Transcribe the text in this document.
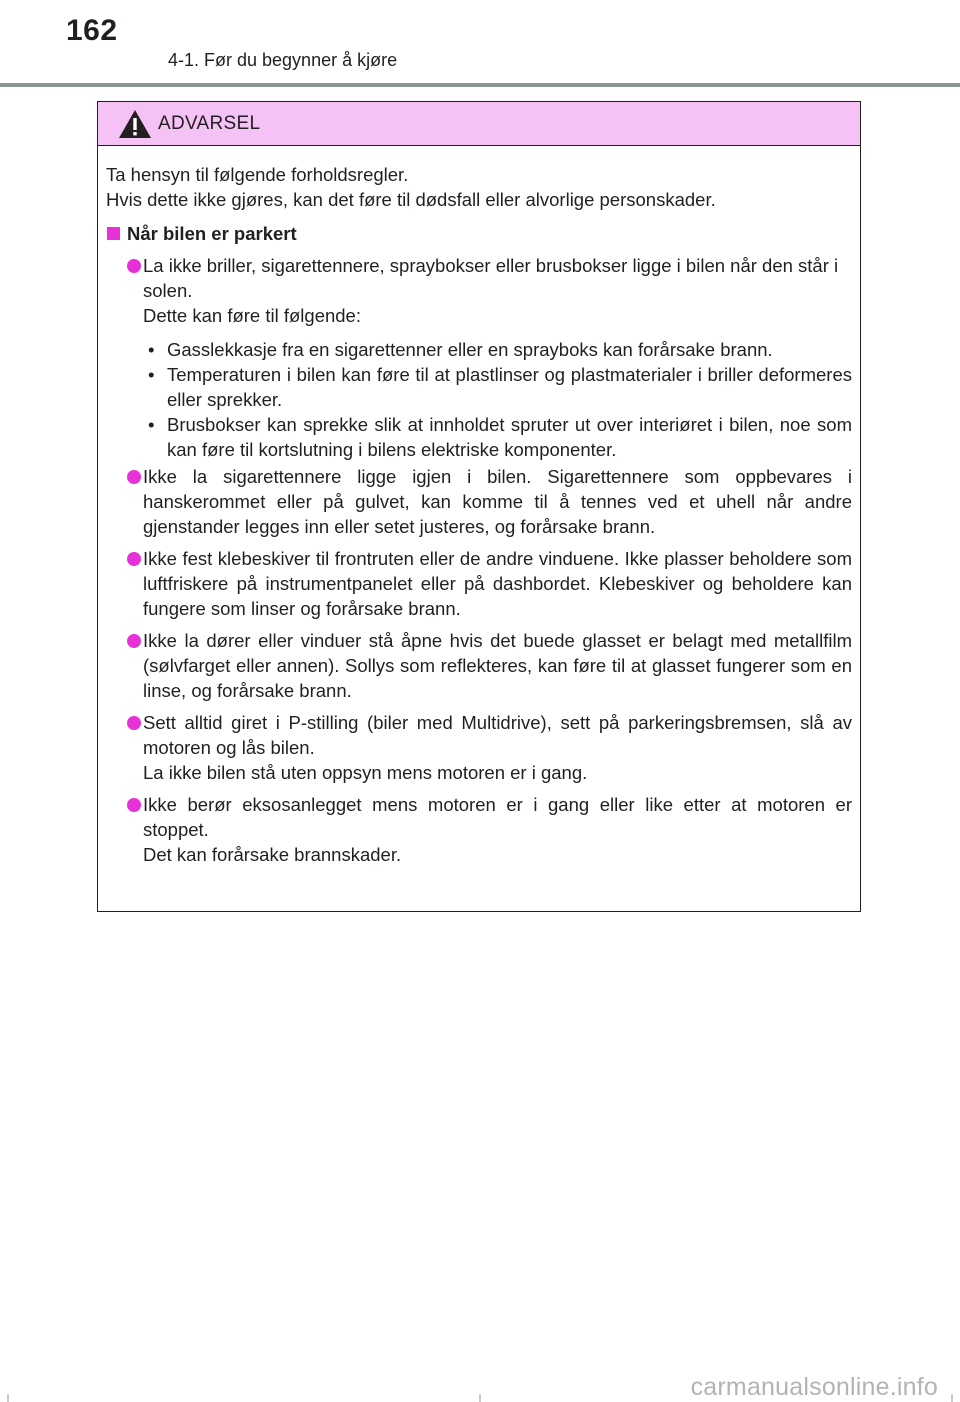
162
4-1. Før du begynner å kjøre
ADVARSEL

Ta hensyn til følgende forholdsregler.

Hvis dette ikke gjøres, kan det føre til dødsfall eller alvorlige personskader.

Når bilen er parkert

La ikke briller, sigarettennere, spraybokser eller brusbokser ligge i bilen når den står i solen.

Dette kan føre til følgende:

• Gasslekkasje fra en sigarettenner eller en sprayboks kan forårsake brann.
• Temperaturen i bilen kan føre til at plastlinser og plastmaterialer i briller deformeres eller sprekker.
• Brusbokser kan sprekke slik at innholdet spruter ut over interiøret i bilen, noe som kan føre til kortslutning i bilens elektriske komponenter.

Ikke la sigarettennere ligge igjen i bilen. Sigarettennere som oppbevares i hanskerommet eller på gulvet, kan komme til å tennes ved et uhell når andre gjenstander legges inn eller setet justeres, og forårsake brann.

Ikke fest klebeskiver til frontruten eller de andre vinduene. Ikke plasser beholdere som luftfriskere på instrumentpanelet eller på dashbordet. Klebeskiver og beholdere kan fungere som linser og forårsake brann.

Ikke la dører eller vinduer stå åpne hvis det buede glasset er belagt med metallfilm (sølvfarget eller annen). Sollys som reflekteres, kan føre til at glasset fungerer som en linse, og forårsake brann.

Sett alltid giret i P-stilling (biler med Multidrive), sett på parkeringsbremsen, slå av motoren og lås bilen.

La ikke bilen stå uten oppsyn mens motoren er i gang.

Ikke berør eksosanlegget mens motoren er i gang eller like etter at motoren er stoppet.

Det kan forårsake brannskader.

carmanualsonline.info
